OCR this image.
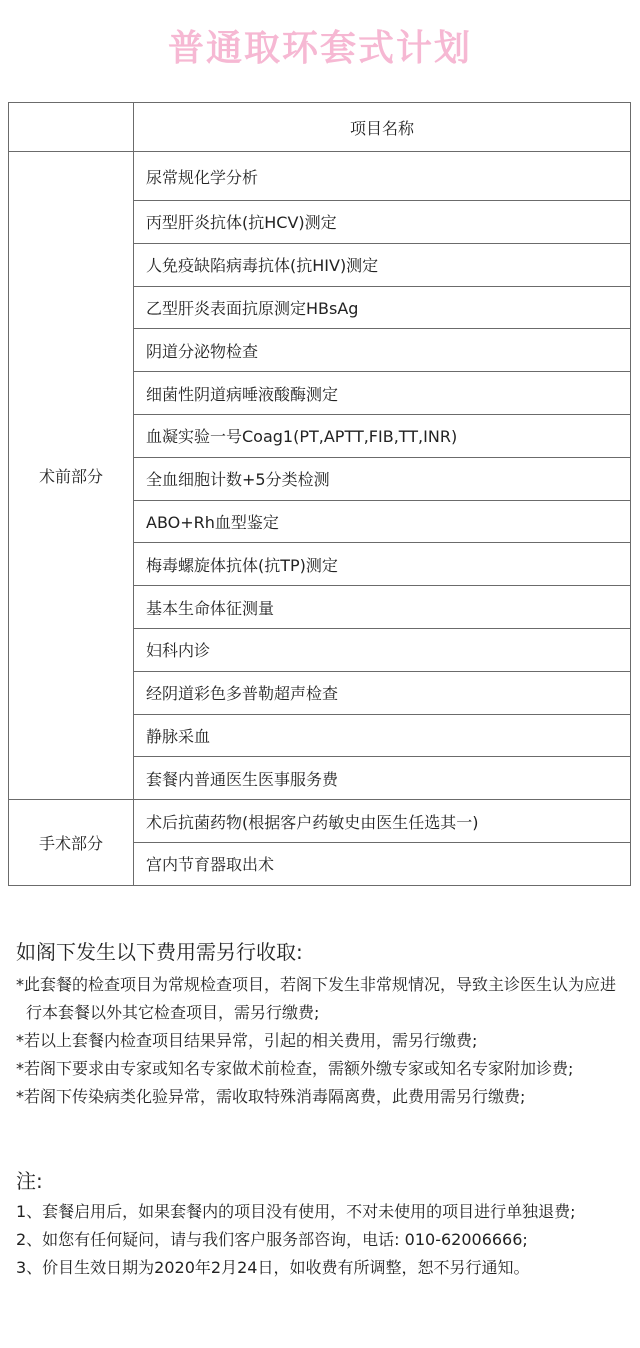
普通取环套式计划
	项目名称
术前部分	尿常规化学分析
	丙型肝炎抗体(抗HCV)测定
	人免疫缺陷病毒抗体(抗HIV)测定
	乙型肝炎表面抗原测定HBsAg
	阴道分泌物检查
	细菌性阴道病唾液酸酶测定
	血凝实验一号Coag1(PT,APTT,FIB,TT,INR)
	全血细胞计数+5分类检测
	ABO+Rh血型鉴定
	梅毒螺旋体抗体(抗TP)测定
	基本生命体征测量
	妇科内诊
	经阴道彩色多普勒超声检查
	静脉采血
	套餐内普通医生医事服务费
手术部分	术后抗菌药物(根据客户药敏史由医生任选其一)
	宫内节育器取出术
如阁下发生以下费用需另行收取:

*此套餐的检查项目为常规检查项目，若阁下发生非常规情况，导致主诊医生认为应进行本套餐以外其它检查项目，需另行缴费;

*若以上套餐内检查项目结果异常，引起的相关费用，需另行缴费;

*若阁下要求由专家或知名专家做术前检查，需额外缴专家或知名专家附加诊费;

*若阁下传染病类化验异常，需收取特殊消毒隔离费，此费用需另行缴费;

注:

1、套餐启用后，如果套餐内的项目没有使用，不对未使用的项目进行单独退费;

2、如您有任何疑问，请与我们客户服务部咨询，电话: 010-62006666;

3、价目生效日期为2020年2月24日，如收费有所调整，恕不另行通知。
